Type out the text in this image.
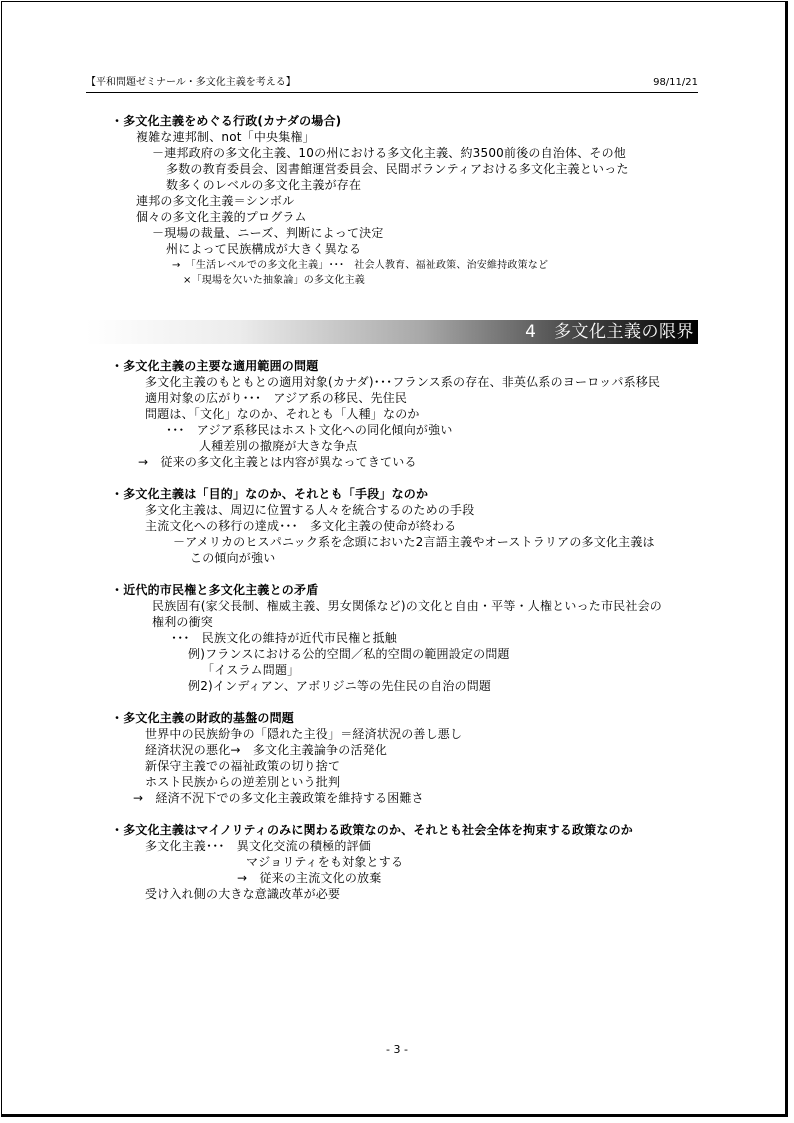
【平和問題ゼミナール・多文化主義を考える】	98/11/21
・多文化主義をめぐる行政(カナダの場合)
複雑な連邦制、not「中央集権」
－連邦政府の多文化主義、10の州における多文化主義、約3500前後の自治体、その他
多数の教育委員会、図書館運営委員会、民間ボランティアおける多文化主義といった
数多くのレベルの多文化主義が存在
連邦の多文化主義＝シンボル
個々の多文化主義的プログラム
－現場の裁量、ニーズ、判断によって決定
州によって民族構成が大きく異なる
→　「生活レベルでの多文化主義」･･･　社会人教育、福祉政策、治安維持政策など
×「現場を欠いた抽象論」の多文化主義
4　多文化主義の限界
・多文化主義の主要な適用範囲の問題
多文化主義のもともとの適用対象(カナダ)･･･フランス系の存在、非英仏系のヨーロッパ系移民
適用対象の広がり･･･　アジア系の移民、先住民
問題は、「文化」なのか、それとも「人種」なのか
･･･　アジア系移民はホスト文化への同化傾向が強い
人種差別の撤廃が大きな争点
→　従来の多文化主義とは内容が異なってきている
・多文化主義は「目的」なのか、それとも「手段」なのか
多文化主義は、周辺に位置する人々を統合するのための手段
主流文化への移行の達成･･･　多文化主義の使命が終わる
－アメリカのヒスパニック系を念頭においた2言語主義やオーストラリアの多文化主義は
この傾向が強い
・近代的市民権と多文化主義との矛盾
民族固有(家父長制、権威主義、男女関係など)の文化と自由・平等・人権といった市民社会の
権利の衝突
･･･　民族文化の維持が近代市民権と抵触
例)フランスにおける公的空間／私的空間の範囲設定の問題
「イスラム問題」
例2)インディアン、アボリジニ等の先住民の自治の問題
・多文化主義の財政的基盤の問題
世界中の民族紛争の「隠れた主役」＝経済状況の善し悪し
経済状況の悪化→　多文化主義論争の活発化
新保守主義での福祉政策の切り捨て
ホスト民族からの逆差別という批判
→　経済不況下での多文化主義政策を維持する困難さ
・多文化主義はマイノリティのみに関わる政策なのか、それとも社会全体を拘束する政策なのか
多文化主義･･･　異文化交流の積極的評価
マジョリティをも対象とする
→　従来の主流文化の放棄
受け入れ側の大きな意識改革が必要
- 3 -
